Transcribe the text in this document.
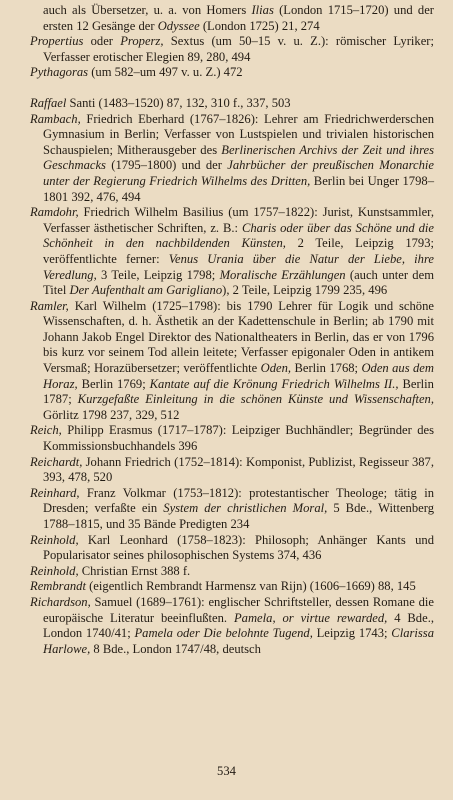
auch als Übersetzer, u. a. von Homers Ilias (London 1715–1720) und der ersten 12 Gesänge der Odyssee (London 1725) 21, 274

Propertius oder Properz, Sextus (um 50–15 v. u. Z.): römischer Lyriker; Verfasser erotischer Elegien 89, 280, 494

Pythagoras (um 582–um 497 v. u. Z.) 472

Raffael Santi (1483–1520) 87, 132, 310 f., 337, 503

Rambach, Friedrich Eberhard (1767–1826): Lehrer am Friedrichwerderschen Gymnasium in Berlin; Verfasser von Lustspielen und trivialen historischen Schauspielen; Mitherausgeber des Berlinerischen Archivs der Zeit und ihres Geschmacks (1795–1800) und der Jahrbücher der preußischen Monarchie unter der Regierung Friedrich Wilhelms des Dritten, Berlin bei Unger 1798–1801 392, 476, 494

Ramdohr, Friedrich Wilhelm Basilius (um 1757–1822): Jurist, Kunstsammler, Verfasser ästhetischer Schriften, z. B.: Charis oder über das Schöne und die Schönheit in den nachbildenden Künsten, 2 Teile, Leipzig 1793; veröffentlichte ferner: Venus Urania über die Natur der Liebe, ihre Veredlung, 3 Teile, Leipzig 1798; Moralische Erzählungen (auch unter dem Titel Der Aufenthalt am Garigliano), 2 Teile, Leipzig 1799 235, 496

Ramler, Karl Wilhelm (1725–1798): bis 1790 Lehrer für Logik und schöne Wissenschaften, d. h. Ästhetik an der Kadettenschule in Berlin; ab 1790 mit Johann Jakob Engel Direktor des Nationaltheaters in Berlin, das er von 1796 bis kurz vor seinem Tod allein leitete; Verfasser epigonaler Oden in antikem Versmaß; Horazübersetzer; veröffentlichte Oden, Berlin 1768; Oden aus dem Horaz, Berlin 1769; Kantate auf die Krönung Friedrich Wilhelms II., Berlin 1787; Kurzgefaßte Einleitung in die schönen Künste und Wissenschaften, Görlitz 1798 237, 329, 512

Reich, Philipp Erasmus (1717–1787): Leipziger Buchhändler; Begründer des Kommissionsbuchhandels 396

Reichardt, Johann Friedrich (1752–1814): Komponist, Publizist, Regisseur 387, 393, 478, 520

Reinhard, Franz Volkmar (1753–1812): protestantischer Theologe; tätig in Dresden; verfaßte ein System der christlichen Moral, 5 Bde., Wittenberg 1788–1815, und 35 Bände Predigten 234

Reinhold, Karl Leonhard (1758–1823): Philosoph; Anhänger Kants und Popularisator seines philosophischen Systems 374, 436

Reinhold, Christian Ernst 388 f.

Rembrandt (eigentlich Rembrandt Harmensz van Rijn) (1606–1669) 88, 145

Richardson, Samuel (1689–1761): englischer Schriftsteller, dessen Romane die europäische Literatur beeinflußten. Pamela, or virtue rewarded, 4 Bde., London 1740/41; Pamela oder Die belohnte Tugend, Leipzig 1743; Clarissa Harlowe, 8 Bde., London 1747/48, deutsch

534
